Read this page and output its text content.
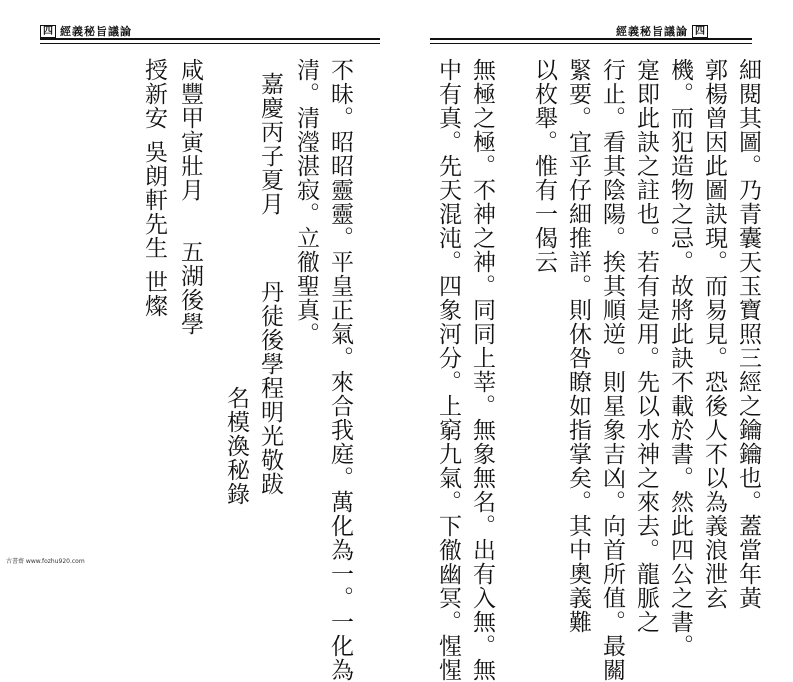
四 經義秘旨議論	經義秘旨議論 四
細閱其圖。乃青囊天玉寶照三經之鑰鑰也。蓋當年黃
郭楊曾因此圖訣現。而易見。恐後人不以為義浪泄玄
機。而犯造物之忌。故將此訣不載於書。然此四公之書。
寔即此訣之註也。若有是用。先以水神之來去。龍脈之
行止。看其陰陽。挨其順逆。則星象吉凶。向首所值。最關
緊要。宜乎仔細推詳。則休咎瞭如指掌矣。其中奧義難
以枚舉。惟有一偈云
無極之極。不神之神。同同上莘。無象無名。出有入無。無
中有真。先天混沌。四象河分。上窮九氣。下徹幽冥。惺惺
不昧。昭昭靈靈。平皇正氣。來合我庭。萬化為一。一化為
清。清瀅湛寂。立徹聖真。
嘉慶丙子夏月
丹徒後學程明光敬跋
名模渙秘錄
咸豐甲寅壯月
五湖後學
授新安
吳朗軒先生
世燦
古書齋 www.fozhu920.com
